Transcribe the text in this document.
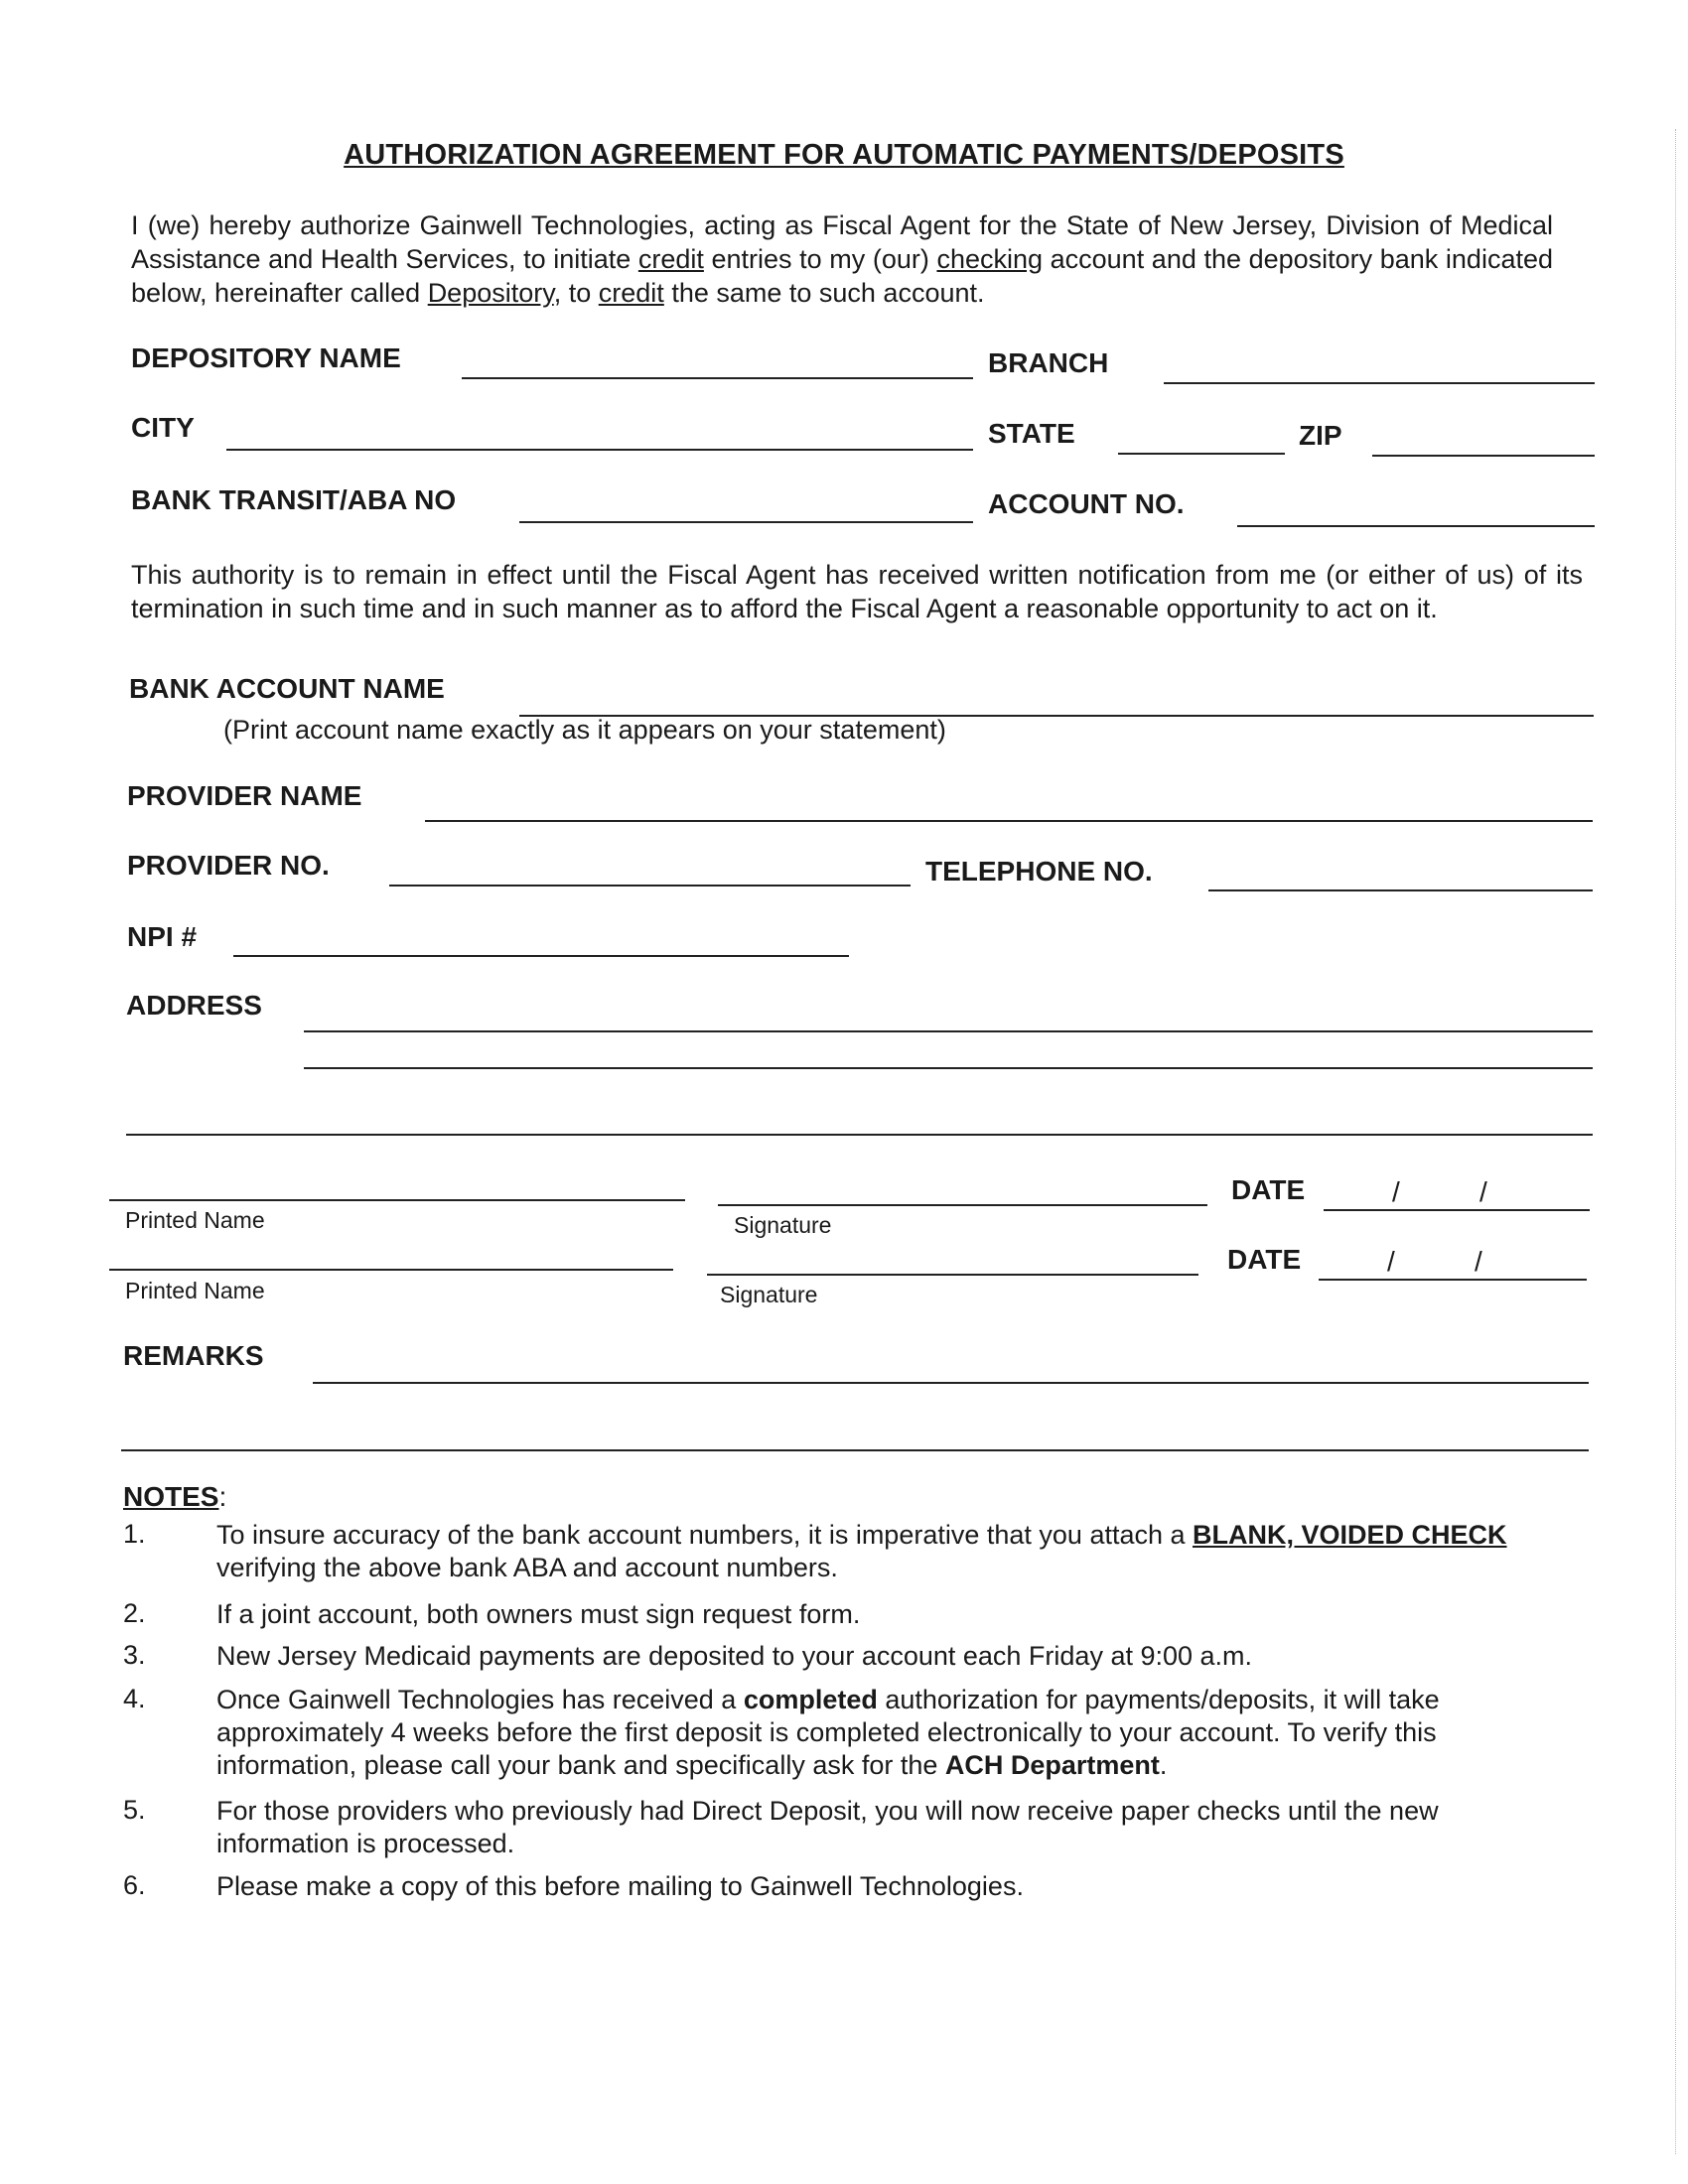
AUTHORIZATION AGREEMENT FOR AUTOMATIC PAYMENTS/DEPOSITS
I (we) hereby authorize Gainwell Technologies, acting as Fiscal Agent for the State of New Jersey, Division of Medical Assistance and Health Services, to initiate credit entries to my (our) checking account and the depository bank indicated below, hereinafter called Depository, to credit the same to such account.
DEPOSITORY NAME	BRANCH
CITY	STATE	ZIP
BANK TRANSIT/ABA NO	ACCOUNT NO.
This authority is to remain in effect until the Fiscal Agent has received written notification from me (or either of us) of its termination in such time and in such manner as to afford the Fiscal Agent a reasonable opportunity to act on it.
BANK ACCOUNT NAME
(Print account name exactly as it appears on your statement)
PROVIDER NAME
PROVIDER NO.	TELEPHONE NO.
NPI #
ADDRESS
Printed Name	Signature
DATE	/	/
Printed Name	Signature
DATE	/	/
REMARKS
NOTES:
1.	To insure accuracy of the bank account numbers, it is imperative that you attach a BLANK, VOIDED CHECK verifying the above bank ABA and account numbers.
2.	If a joint account, both owners must sign request form.
3.	New Jersey Medicaid payments are deposited to your account each Friday at 9:00 a.m.
4.	Once Gainwell Technologies has received a completed authorization for payments/deposits, it will take approximately 4 weeks before the first deposit is completed electronically to your account. To verify this information, please call your bank and specifically ask for the ACH Department.
5.	For those providers who previously had Direct Deposit, you will now receive paper checks until the new information is processed.
6.	Please make a copy of this before mailing to Gainwell Technologies.
